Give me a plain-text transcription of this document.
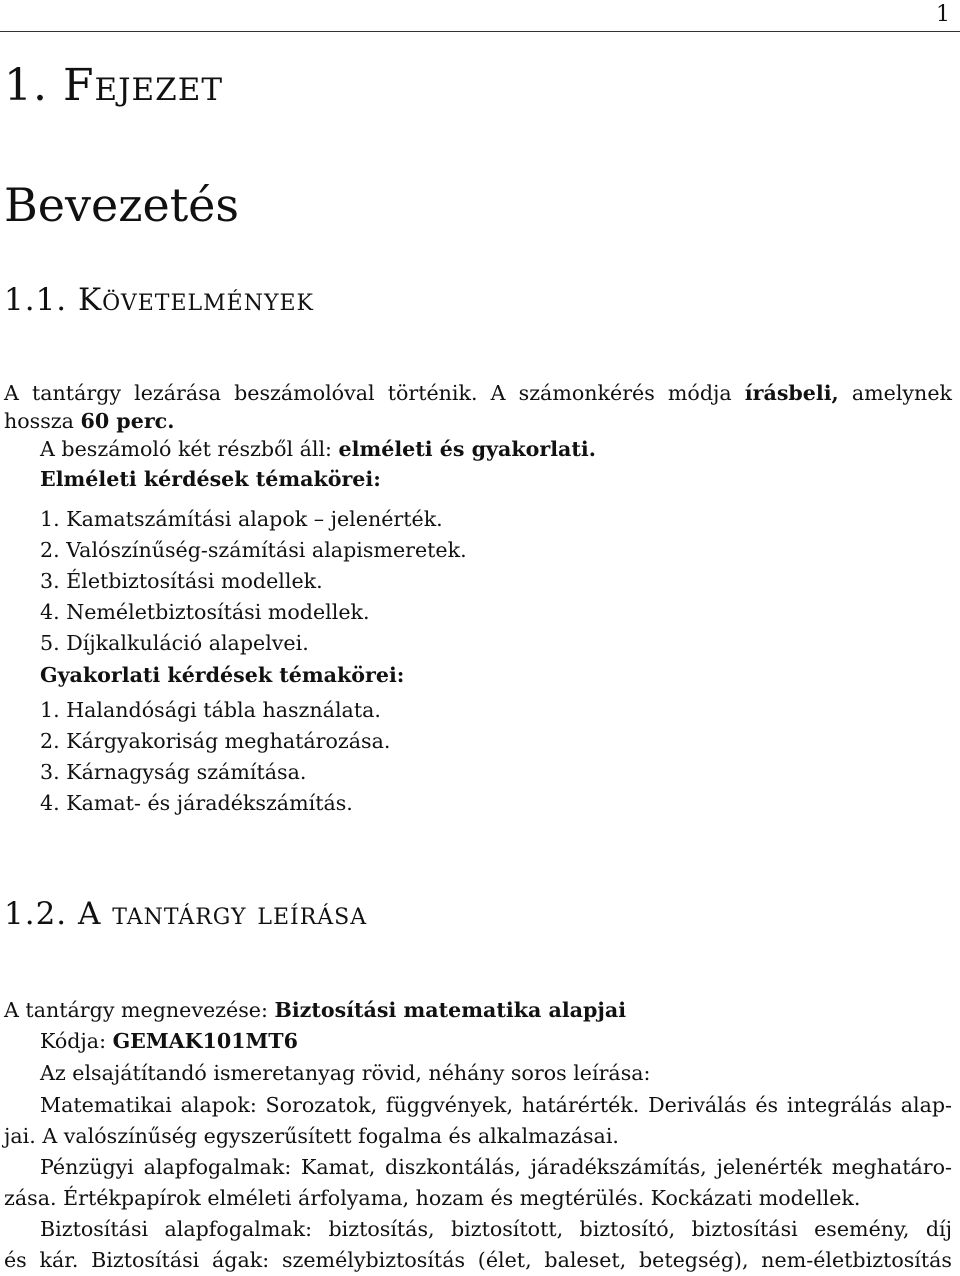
1
1. Fejezet
Bevezetés
1.1. Követelmények
A tantárgy lezárása beszámolóval történik. A számonkérés módja írásbeli, amelynek
hossza 60 perc.
A beszámoló két részből áll: elméleti és gyakorlati.
Elméleti kérdések témakörei:
1. Kamatszámítási alapok – jelenérték.
2. Valószínűség-számítási alapismeretek.
3. Életbiztosítási modellek.
4. Neméletbiztosítási modellek.
5. Díjkalkuláció alapelvei.
Gyakorlati kérdések témakörei:
1. Halandósági tábla használata.
2. Kárgyakoriság meghatározása.
3. Kárnagyság számítása.
4. Kamat- és járadékszámítás.
1.2. A tantárgy leírása
A tantárgy megnevezése: Biztosítási matematika alapjai
Kódja: GEMAK101MT6
Az elsajátítandó ismeretanyag rövid, néhány soros leírása:
Matematikai alapok: Sorozatok, függvények, határérték. Deriválás és integrálás alap-
jai. A valószínűség egyszerűsített fogalma és alkalmazásai.
Pénzügyi alapfogalmak: Kamat, diszkontálás, járadékszámítás, jelenérték meghatáro-
zása. Értékpapírok elméleti árfolyama, hozam és megtérülés. Kockázati modellek.
Biztosítási alapfogalmak: biztosítás, biztosított, biztosító, biztosítási esemény, díj
és kár. Biztosítási ágak: személybiztosítás (élet, baleset, betegség), nem-életbiztosítás
